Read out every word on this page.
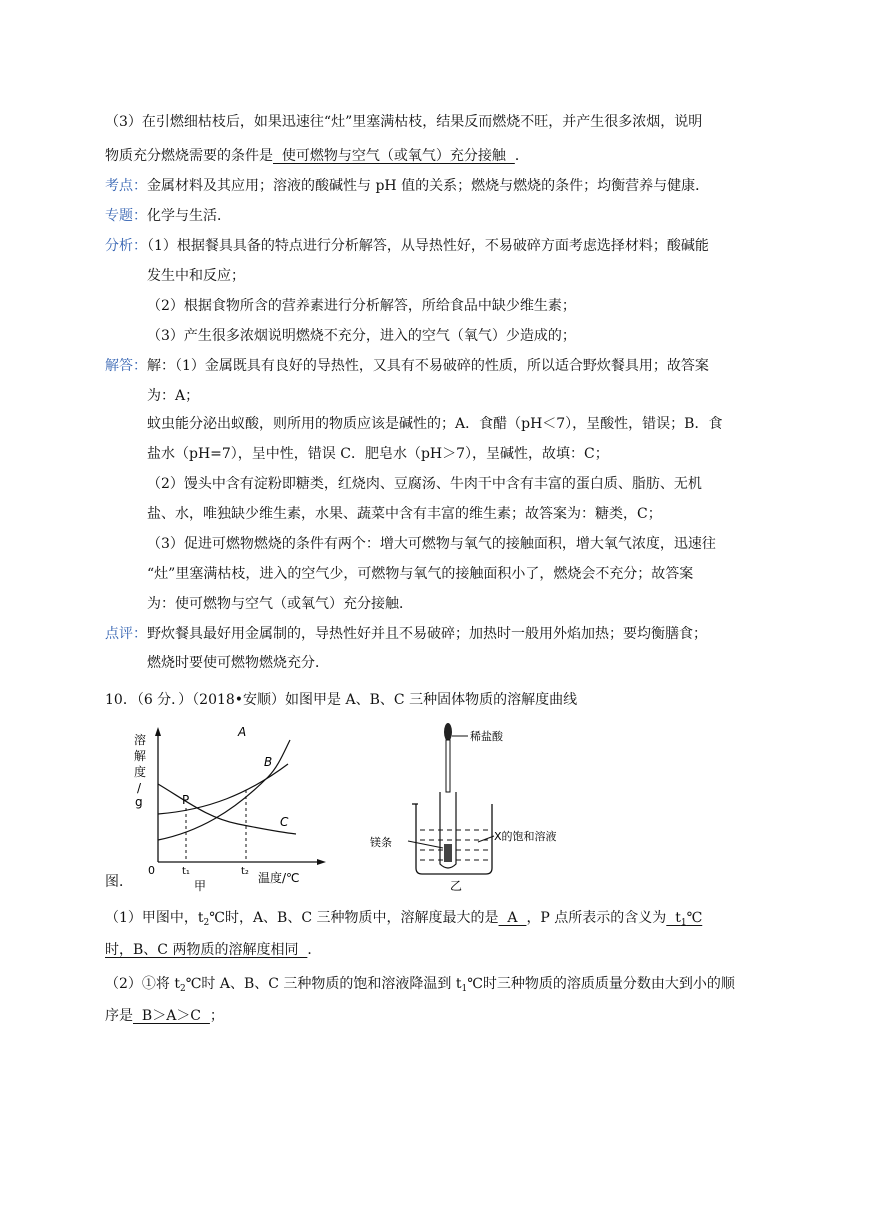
（3）在引燃细枯枝后，如果迅速往“灶”里塞满枯枝，结果反而燃烧不旺，并产生很多浓烟，说明
物质充分燃烧需要的条件是  使可燃物与空气（或氧气）充分接触  ．
考点：金属材料及其应用；溶液的酸碱性与 pH 值的关系；燃烧与燃烧的条件；均衡营养与健康．
专题：化学与生活．
分析：（1）根据餐具具备的特点进行分析解答，从导热性好，不易破碎方面考虑选择材料；酸碱能
发生中和反应；
（2）根据食物所含的营养素进行分析解答，所给食品中缺少维生素；
（3）产生很多浓烟说明燃烧不充分，进入的空气（氧气）少造成的；
解答：解：（1）金属既具有良好的导热性，又具有不易破碎的性质，所以适合野炊餐具用；故答案
为：A；
蚊虫能分泌出蚁酸，则所用的物质应该是碱性的；A．食醋（pH＜7），呈酸性，错误；B．食
盐水（pH=7），呈中性，错误 C．肥皂水（pH＞7），呈碱性，故填：C；
（2）馒头中含有淀粉即糖类，红烧肉、豆腐汤、牛肉干中含有丰富的蛋白质、脂肪、无机
盐、水，唯独缺少维生素，水果、蔬菜中含有丰富的维生素；故答案为：糖类，C；
（3）促进可燃物燃烧的条件有两个：增大可燃物与氧气的接触面积，增大氧气浓度，迅速往
“灶”里塞满枯枝，进入的空气少，可燃物与氧气的接触面积小了，燃烧会不充分；故答案
为：使可燃物与空气（或氧气）充分接触．
点评：野炊餐具最好用金属制的，导热性好并且不易破碎；加热时一般用外焰加热；要均衡膳食；
燃烧时要使可燃物燃烧充分．
10．（6 分．）（2018•安顺）如图甲是 A、B、C 三种固体物质的溶解度曲线
溶
解
度
/
g
A
B
C
P
0	t₁	t₂ 温度/℃
甲
稀盐酸
镁条	X的饱和溶液
乙
图．
（1）甲图中，$t_2℃$时，A、B、C 三种物质中，溶解度最大的是  A  ，P 点所表示的含义为  $t_1℃$
时，B、C 两物质的溶解度相同  ．
（2）①将 $t_2℃$时 A、B、C 三种物质的饱和溶液降温到 $t_1℃$时三种物质的溶质质量分数由大到小的顺
序是  B＞A＞C  ；
